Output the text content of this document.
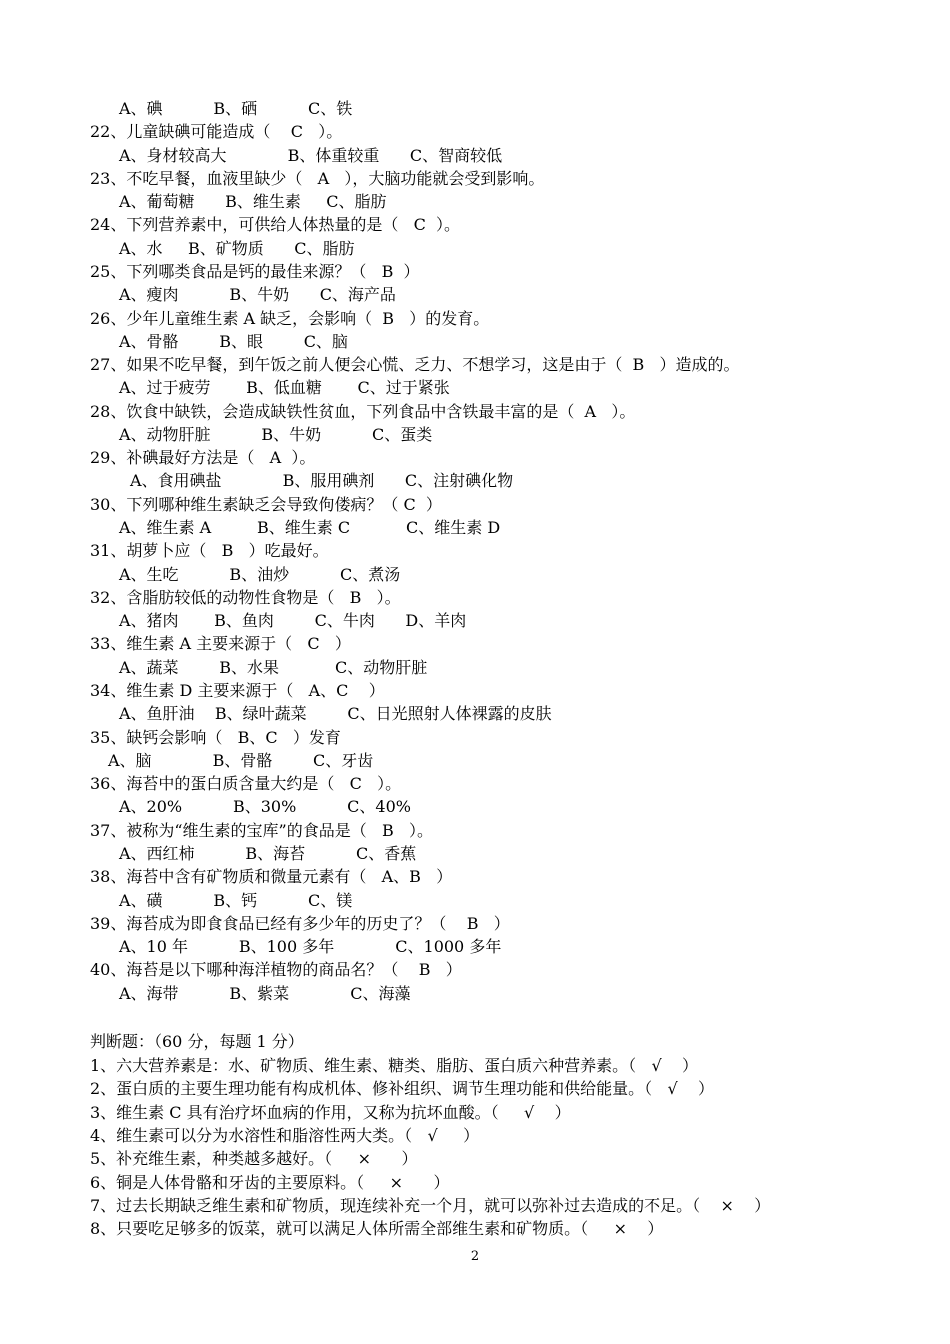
A、碘          B、硒          C、铁
22、儿童缺碘可能造成（    C   ）。
A、身材较高大            B、体重较重      C、智商较低
23、不吃早餐，血液里缺少（   A   ），大脑功能就会受到影响。
A、葡萄糖      B、维生素     C、脂肪
24、下列营养素中，可供给人体热量的是（   C  ）。
A、水     B、矿物质      C、脂肪
25、下列哪类食品是钙的最佳来源？（   B  ）
A、瘦肉          B、牛奶      C、海产品
26、少年儿童维生素 A 缺乏，会影响（  B   ）的发育。
A、骨骼        B、眼        C、脑
27、如果不吃早餐，到午饭之前人便会心慌、乏力、不想学习，这是由于（  B   ）造成的。
A、过于疲劳       B、低血糖       C、过于紧张
28、饮食中缺铁，会造成缺铁性贫血，下列食品中含铁最丰富的是（  A   ）。
A、动物肝脏          B、牛奶          C、蛋类
29、补碘最好方法是（   A  ）。
A、食用碘盐            B、服用碘剂      C、注射碘化物
30、下列哪种维生素缺乏会导致佝偻病？（ C  ）
A、维生素 A         B、维生素 C           C、维生素 D
31、胡萝卜应（   B   ）吃最好。
A、生吃          B、油炒          C、煮汤
32、含脂肪较低的动物性食物是（   B   ）。
A、猪肉       B、鱼肉        C、牛肉      D、羊肉
33、维生素 A 主要来源于（   C   ）
A、蔬菜        B、水果           C、动物肝脏
34、维生素 D 主要来源于（   A、C    ）
A、鱼肝油    B、绿叶蔬菜        C、日光照射人体裸露的皮肤
35、缺钙会影响（   B、C   ）发育
A、脑            B、骨骼        C、牙齿
36、海苔中的蛋白质含量大约是（   C   ）。
A、20%          B、30%          C、40%
37、被称为“维生素的宝库”的食品是（   B   ）。
A、西红柿          B、海苔          C、香蕉
38、海苔中含有矿物质和微量元素有（   A、B   ）
A、磺          B、钙          C、镁
39、海苔成为即食食品已经有多少年的历史了？（    B   ）
A、10 年          B、100 多年            C、1000 多年
40、海苔是以下哪种海洋植物的商品名？（    B   ）
A、海带          B、紫菜            C、海藻
判断题：（60 分，每题 1 分）
1、六大营养素是：水、矿物质、维生素、糖类、脂肪、蛋白质六种营养素。（   √    ）
2、蛋白质的主要生理功能有构成机体、修补组织、调节生理功能和供给能量。（   √    ）
3、维生素 C 具有治疗坏血病的作用，又称为抗坏血酸。（     √    ）
4、维生素可以分为水溶性和脂溶性两大类。（   √     ）
5、补充维生素，种类越多越好。（     ×      ）
6、铜是人体骨骼和牙齿的主要原料。（     ×      ）
7、过去长期缺乏维生素和矿物质，现连续补充一个月，就可以弥补过去造成的不足。（    ×    ）
8、只要吃足够多的饭菜，就可以满足人体所需全部维生素和矿物质。（     ×    ）
2
